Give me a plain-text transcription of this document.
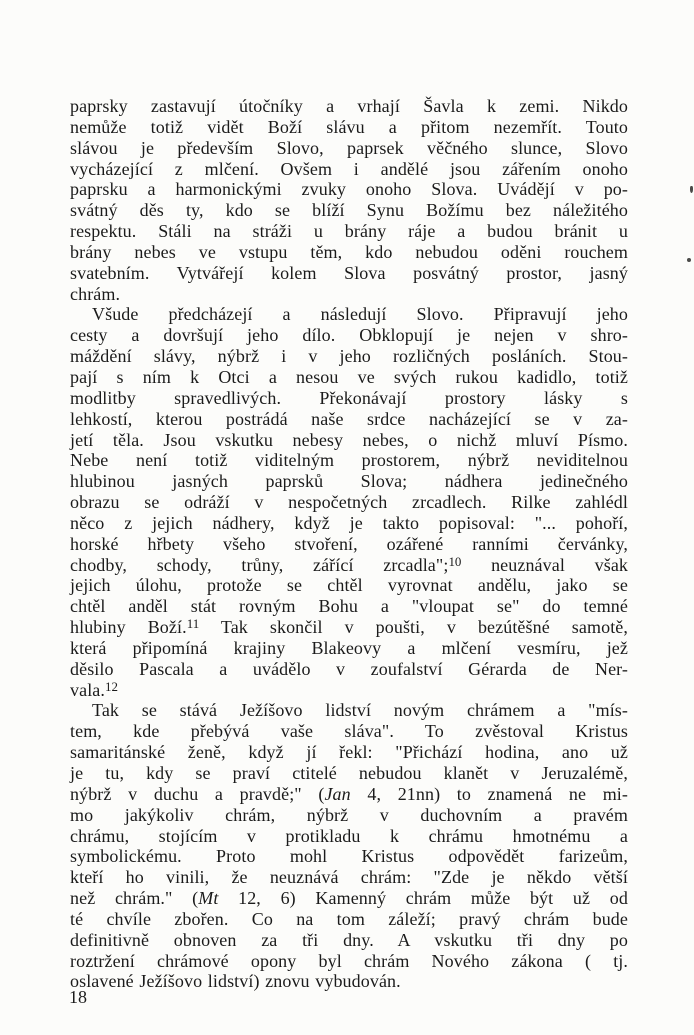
paprsky zastavují útočníky a vrhají Šavla k zemi. Nikdo
nemůže totiž vidět Boží slávu a přitom nezemřít. Touto
slávou je především Slovo, paprsek věčného slunce, Slovo
vycházející z mlčení. Ovšem i andělé jsou zářením onoho
paprsku a harmonickými zvuky onoho Slova. Uvádějí v po-
svátný děs ty, kdo se blíží Synu Božímu bez náležitého
respektu. Stáli na stráži u brány ráje a budou bránit u
brány nebes ve vstupu těm, kdo nebudou oděni rouchem
svatebním. Vytvářejí kolem Slova posvátný prostor, jasný
chrám.
Všude předcházejí a následují Slovo. Připravují jeho
cesty a dovršují jeho dílo. Obklopují je nejen v shro-
máždění slávy, nýbrž i v jeho rozličných posláních. Stou-
pají s ním k Otci a nesou ve svých rukou kadidlo, totiž
modlitby spravedlivých. Překonávají prostory lásky s
lehkostí, kterou postrádá naše srdce nacházející se v za-
jetí těla. Jsou vskutku nebesy nebes, o nichž mluví Písmo.
Nebe není totiž viditelným prostorem, nýbrž neviditelnou
hlubinou jasných paprsků Slova; nádhera jedinečného
obrazu se odráží v nespočetných zrcadlech. Rilke zahlédl
něco z jejich nádhery, když je takto popisoval: "... pohoří,
horské hřbety všeho stvoření, ozářené ranními červánky,
chodby, schody, trůny, zářící zrcadla";$^{10}$ neuznával však
jejich úlohu, protože se chtěl vyrovnat andělu, jako se
chtěl anděl stát rovným Bohu a "vloupat se" do temné
hlubiny Boží.$^{11}$ Tak skončil v poušti, v bezútěšné samotě,
která připomíná krajiny Blakeovy a mlčení vesmíru, jež
děsilo Pascala a uvádělo v zoufalství Gérarda de Ner-
vala.$^{12}$
Tak se stává Ježíšovo lidství novým chrámem a "mís-
tem, kde přebývá vaše sláva". To zvěstoval Kristus
samaritánské ženě, když jí řekl: "Přichází hodina, ano už
je tu, kdy se praví ctitelé nebudou klanět v Jeruzalémě,
nýbrž v duchu a pravdě;" (Jan 4, 21nn) to znamená ne mi-
mo jakýkoliv chrám, nýbrž v duchovním a pravém
chrámu, stojícím v protikladu k chrámu hmotnému a
symbolickému. Proto mohl Kristus odpovědět farizeům,
kteří ho vinili, že neuznává chrám: "Zde je někdo větší
než chrám." (Mt 12, 6) Kamenný chrám může být už od
té chvíle zbořen. Co na tom záleží; pravý chrám bude
definitivně obnoven za tři dny. A vskutku tři dny po
roztržení chrámové opony byl chrám Nového zákona ( tj.
oslavené Ježíšovo lidství) znovu vybudován.
18
